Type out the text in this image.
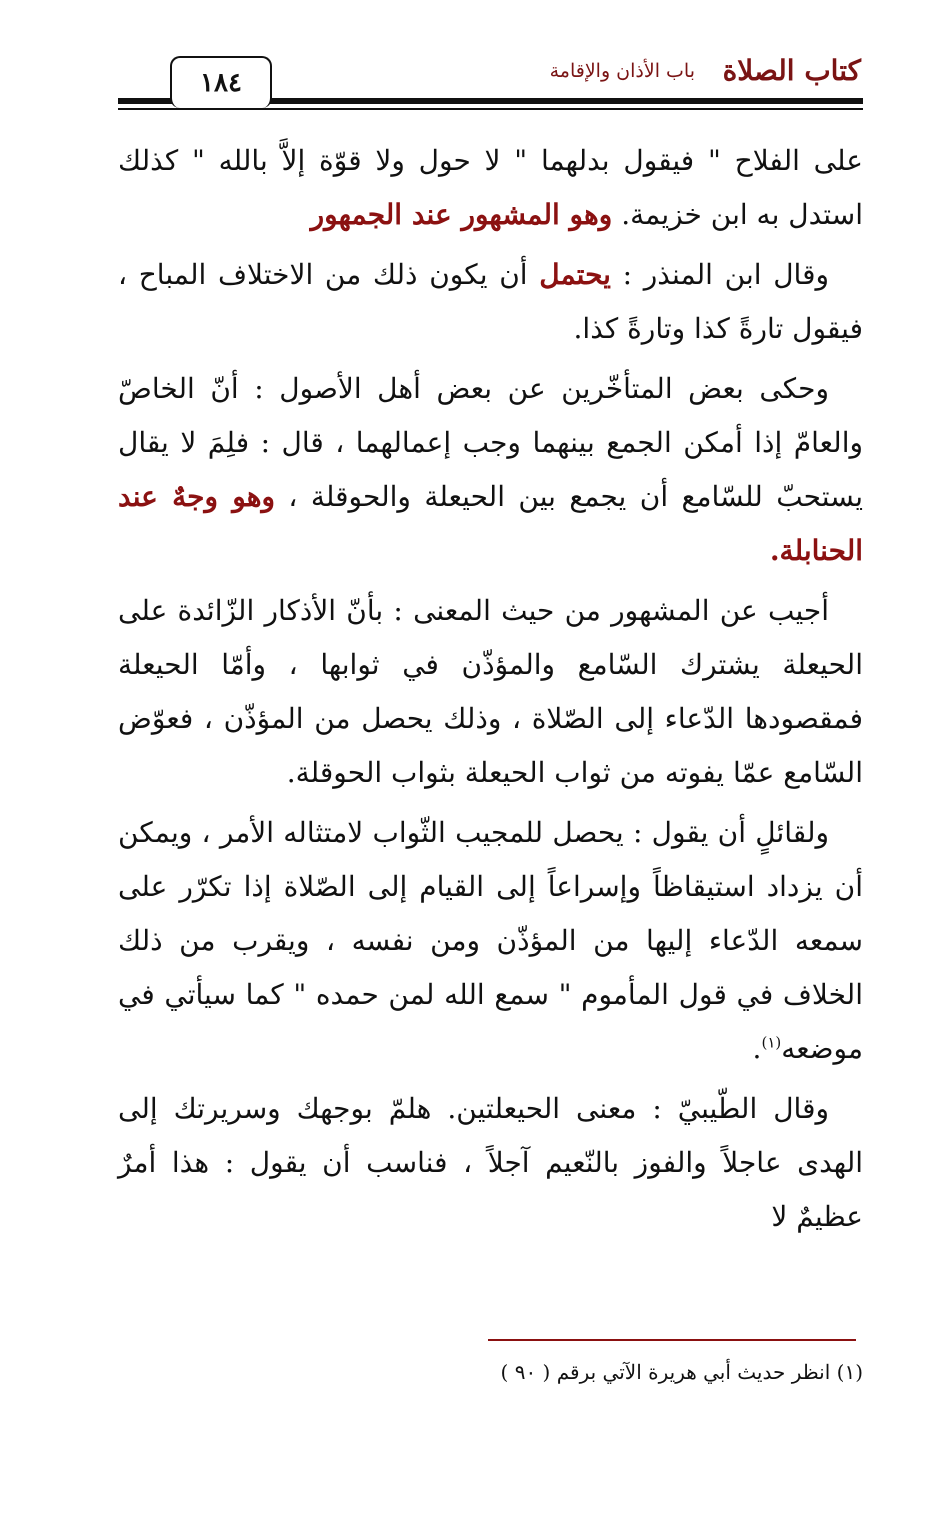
كتاب الصلاة
باب الأذان والإقامة
١٨٤

على الفلاح " فيقول بدلهما " لا حول ولا قوّة إلاَّ بالله " كذلك استدل به ابن خزيمة. وهو المشهور عند الجمهور

وقال ابن المنذر : يحتمل أن يكون ذلك من الاختلاف المباح ، فيقول تارةً كذا وتارةً كذا.

وحكى بعض المتأخّرين عن بعض أهل الأصول : أنّ الخاصّ والعامّ إذا أمكن الجمع بينهما وجب إعمالهما ، قال : فلِمَ لا يقال يستحبّ للسّامع أن يجمع بين الحيعلة والحوقلة ، وهو وجهٌ عند الحنابلة.

أجيب عن المشهور من حيث المعنى : بأنّ الأذكار الزّائدة على الحيعلة يشترك السّامع والمؤذّن في ثوابها ، وأمّا الحيعلة فمقصودها الدّعاء إلى الصّلاة ، وذلك يحصل من المؤذّن ، فعوّض السّامع عمّا يفوته من ثواب الحيعلة بثواب الحوقلة.

ولقائلٍ أن يقول : يحصل للمجيب الثّواب لامتثاله الأمر ، ويمكن أن يزداد استيقاظاً وإسراعاً إلى القيام إلى الصّلاة إذا تكرّر على سمعه الدّعاء إليها من المؤذّن ومن نفسه ، ويقرب من ذلك الخلاف في قول المأموم " سمع الله لمن حمده " كما سيأتي في موضعه$^{(١)}$.

وقال الطّيبيّ : معنى الحيعلتين. هلمّ بوجهك وسريرتك إلى الهدى عاجلاً والفوز بالنّعيم آجلاً ، فناسب أن يقول : هذا أمرٌ عظيمٌ لا

(١) انظر حديث أبي هريرة الآتي برقم ( ٩٠ )
